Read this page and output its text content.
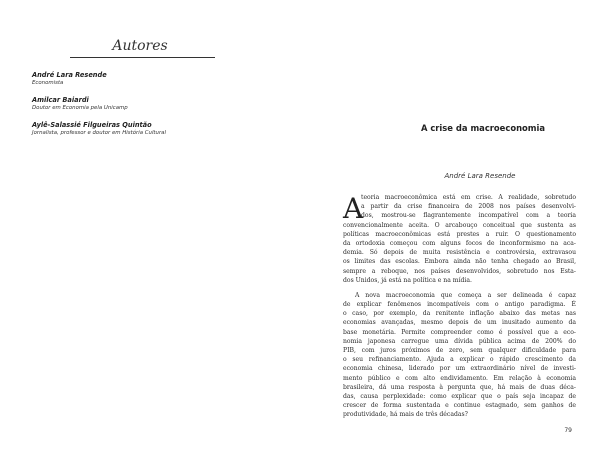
Autores
André Lara Resende
Economista
Amilcar Baiardi
Doutor em Economia pela Unicamp
Aylê-Salassié Filgueiras Quintão
Jornalista, professor e doutor em História Cultural	A crise da macroeconomia
André Lara Resende
A
teoria macroeconômica está em crise. A realidade, sobretudo
a partir da crise financeira de 2008 nos países desenvolvi-
dos, mostrou-se flagrantemente incompatível com a teoria
convencionalmente aceita. O arcabouço conceitual que sustenta as
políticas macroeconômicas está prestes a ruir. O questionamento
da ortodoxia começou com alguns focos de inconformismo na aca-
demia. Só depois de muita resistência e controvérsia, extravasou
os limites das escolas. Embora ainda não tenha chegado ao Brasil,
sempre a reboque, nos países desenvolvidos, sobretudo nos Esta-
dos Unidos, já está na política e na mídia.
A nova macroeconomia que começa a ser delineada é capaz
de explicar fenômenos incompatíveis com o antigo paradigma. É
o caso, por exemplo, da renitente inflação abaixo das metas nas
economias avançadas, mesmo depois de um inusitado aumento da
base monetária. Permite compreender como é possível que a eco-
nomia japonesa carregue uma dívida pública acima de 200% do
PIB, com juros próximos de zero, sem qualquer dificuldade para
o seu refinanciamento. Ajuda a explicar o rápido crescimento da
economia chinesa, liderado por um extraordinário nível de investi-
mento público e com alto endividamento. Em relação à economia
brasileira, dá uma resposta à pergunta que, há mais de duas déca-
das, causa perplexidade: como explicar que o país seja incapaz de
crescer de forma sustentada e continue estagnado, sem ganhos de
produtividade, há mais de três décadas?
79
